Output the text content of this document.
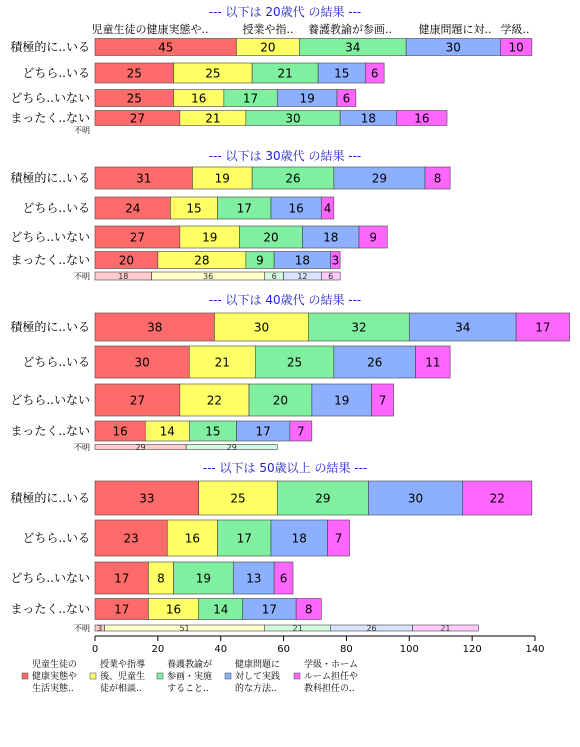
児童生徒の健康実態や..	授業や指.. 養護教諭が参画.. 健康問題に対.. 学級..
--- 以下は 20歳代 の結果 ---
積極的に..いる	45	20	34	30	10
どちら..いる	25	25	21	15 6
どちら..いない	25	16	17	19 6
まったく..ない	27	21	30	18	16
不明
--- 以下は 30歳代 の結果 ---
積極的に..いる	31	19	26	29	8
どちら..いる	24	15	17	16 4
どちら..いない	27	19	20	18	9
まったく..ない 20	28	9	18 3
不明	18	36	6	12	6
--- 以下は 40歳代 の結果 ---
積極的に..いる	38	30	32	34	17
どちら..いる	30	21	25	26	11
どちら..いない	27	22	20	19 7
まったく..ない 16	14	15	17 7
不明	29	29
--- 以下は 50歳以上 の結果 ---
積極的に..いる	33	25	29	30	22
どちら..いる	23	16	17	18 7
どちら..いない 17 8	19	13 6
まったく..ない 17	16	14	17 8
不明 3	51	21	26	21
0	20	40	60	80	100	120	140
児童生徒の
健康実態や
生活実態..
授業や指導
後、児童生
徒が相談..
養護教諭が
参画・実施
すること..
健康問題に
対して実践
的な方法..
学級・ホーム
ルーム担任や
教科担任の..
